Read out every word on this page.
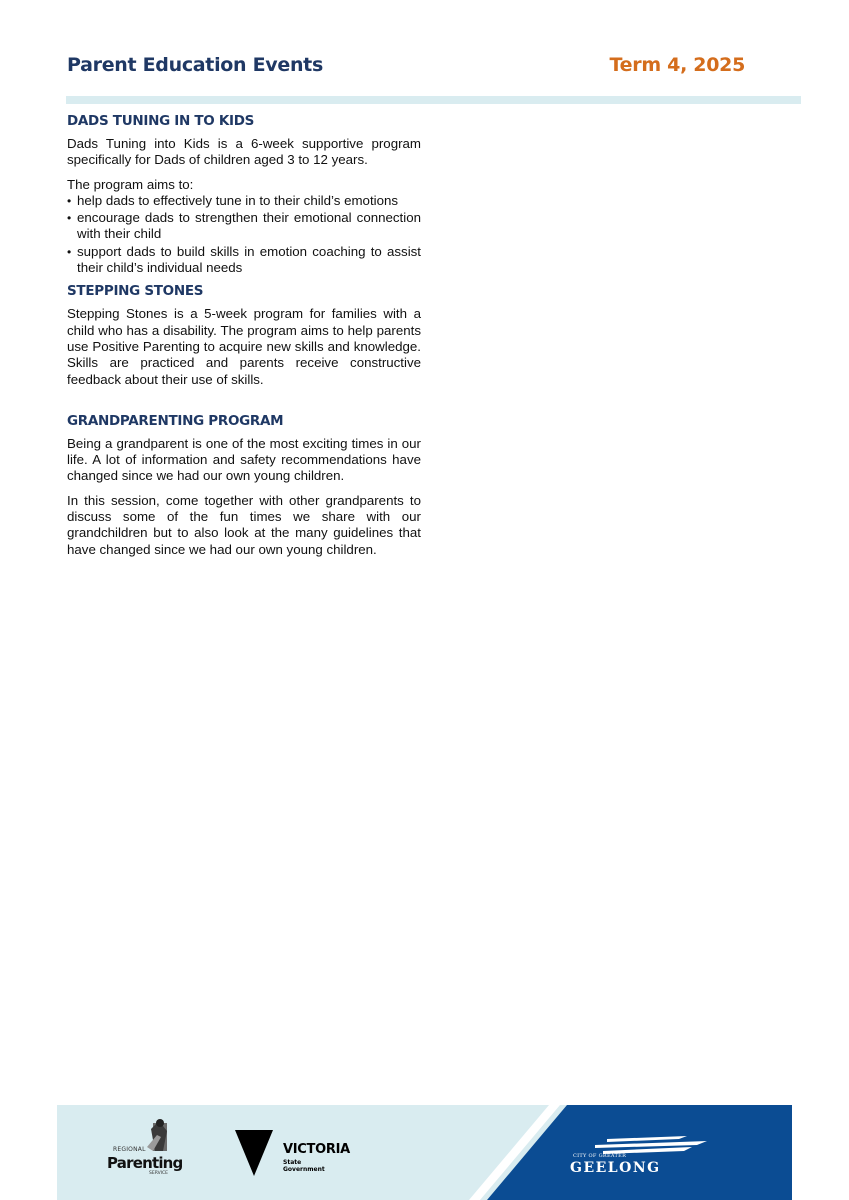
Parent Education Events	Term 4, 2025
DADS TUNING IN TO KIDS

Dads Tuning into Kids is a 6-week supportive program specifically for Dads of children aged 3 to 12 years.

The program aims to:

• help dads to effectively tune in to their child’s emotions
• encourage dads to strengthen their emotional connection with their child
• support dads to build skills in emotion coaching to assist their child’s individual needs
STEPPING STONES

Stepping Stones is a 5-week program for families with a child who has a disability. The program aims to help parents use Positive Parenting to acquire new skills and knowledge. Skills are practiced and parents receive constructive feedback about their use of skills.

GRANDPARENTING PROGRAM

Being a grandparent is one of the most exciting times in our life. A lot of information and safety recommendations have changed since we had our own young children.

In this session, come together with other grandparents to discuss some of the fun times we share with our grandchildren but to also look at the many guidelines that have changed since we had our own young children.

REGIONAL
Parenting
SERVICE
VICTORIA
State
Government
CITY OF GREATER
GEELONG
